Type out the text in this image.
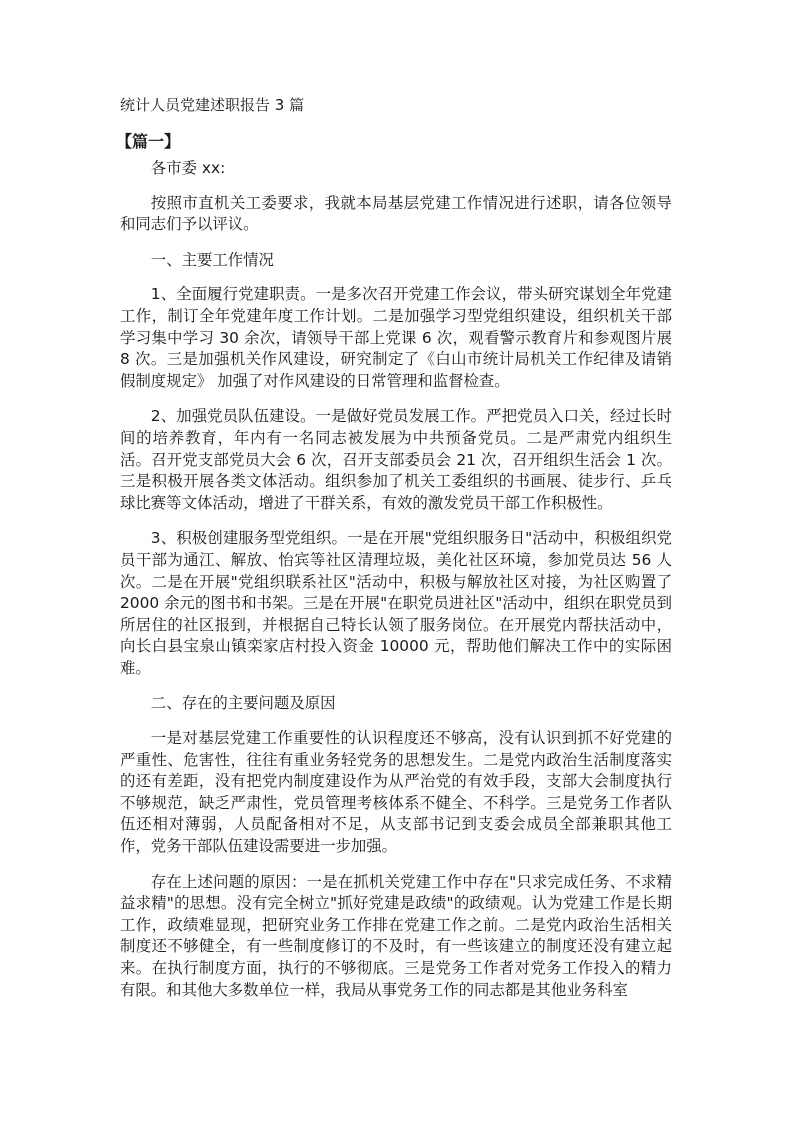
统计人员党建述职报告 3 篇
【篇一】

各市委 xx:

按照市直机关工委要求，我就本局基层党建工作情况进行述职，请各位领导和同志们予以评议。

一、主要工作情况

1、全面履行党建职责。一是多次召开党建工作会议，带头研究谋划全年党建工作，制订全年党建年度工作计划。二是加强学习型党组织建设，组织机关干部学习集中学习 30 余次，请领导干部上党课 6 次，观看警示教育片和参观图片展 8 次。三是加强机关作风建设，研究制定了《白山市统计局机关工作纪律及请销假制度规定》 加强了对作风建设的日常管理和监督检查。

2、加强党员队伍建设。一是做好党员发展工作。严把党员入口关，经过长时间的培养教育，年内有一名同志被发展为中共预备党员。二是严肃党内组织生活。召开党支部党员大会 6 次，召开支部委员会 21 次，召开组织生活会 1 次。三是积极开展各类文体活动。组织参加了机关工委组织的书画展、徒步行、乒乓球比赛等文体活动，增进了干群关系，有效的激发党员干部工作积极性。

3、积极创建服务型党组织。一是在开展"党组织服务日"活动中，积极组织党员干部为通江、解放、怡宾等社区清理垃圾，美化社区环境，参加党员达 56 人次。二是在开展"党组织联系社区"活动中，积极与解放社区对接，为社区购置了 2000 余元的图书和书架。三是在开展"在职党员进社区"活动中，组织在职党员到所居住的社区报到，并根据自己特长认领了服务岗位。在开展党内帮扶活动中，向长白县宝泉山镇栾家店村投入资金 10000 元，帮助他们解决工作中的实际困难。

二、存在的主要问题及原因

一是对基层党建工作重要性的认识程度还不够高，没有认识到抓不好党建的严重性、危害性，往往有重业务轻党务的思想发生。二是党内政治生活制度落实的还有差距，没有把党内制度建设作为从严治党的有效手段，支部大会制度执行不够规范，缺乏严肃性，党员管理考核体系不健全、不科学。三是党务工作者队伍还相对薄弱，人员配备相对不足，从支部书记到支委会成员全部兼职其他工作，党务干部队伍建设需要进一步加强。

存在上述问题的原因：一是在抓机关党建工作中存在"只求完成任务、不求精益求精"的思想。没有完全树立"抓好党建是政绩"的政绩观。认为党建工作是长期工作，政绩难显现，把研究业务工作排在党建工作之前。二是党内政治生活相关制度还不够健全，有一些制度修订的不及时，有一些该建立的制度还没有建立起来。在执行制度方面，执行的不够彻底。三是党务工作者对党务工作投入的精力有限。和其他大多数单位一样，我局从事党务工作的同志都是其他业务科室
